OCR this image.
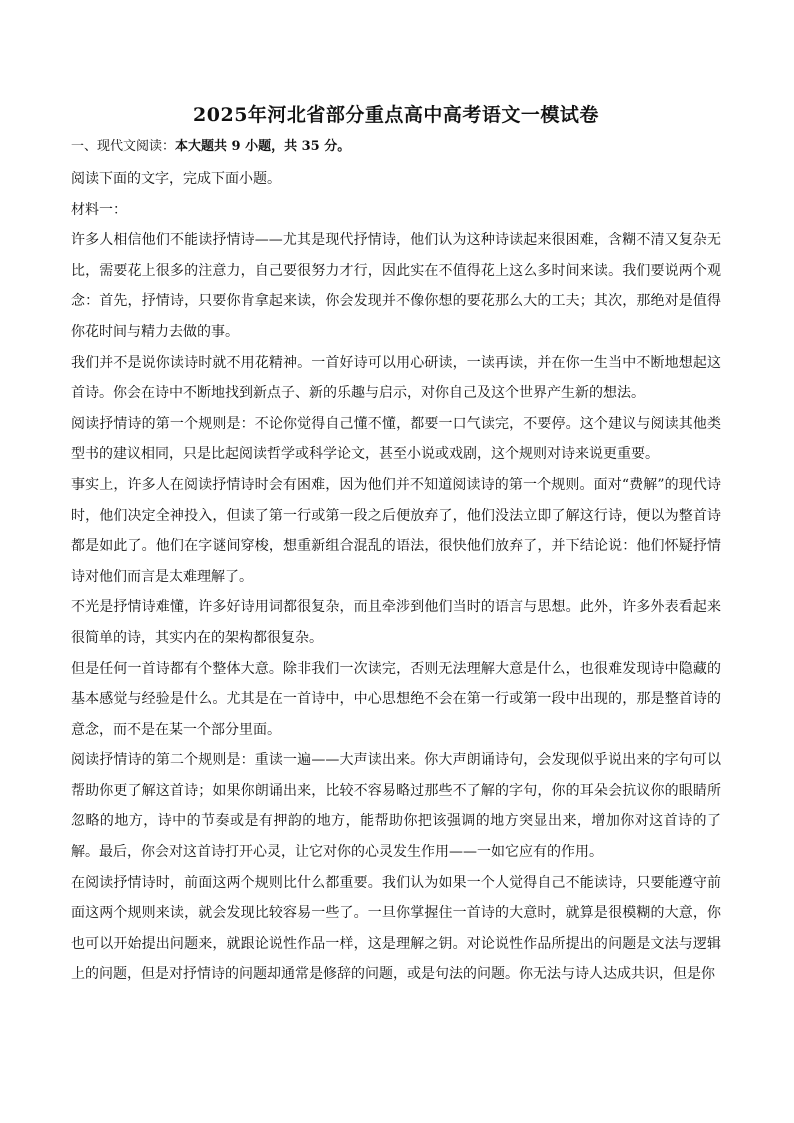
2025年河北省部分重点高中高考语文一模试卷
一、现代文阅读：本大题共 9 小题，共 35 分。

阅读下面的文字，完成下面小题。

材料一：

许多人相信他们不能读抒情诗——尤其是现代抒情诗，他们认为这种诗读起来很困难，含糊不清又复杂无比，需要花上很多的注意力，自己要很努力才行，因此实在不值得花上这么多时间来读。我们要说两个观念：首先，抒情诗，只要你肯拿起来读，你会发现并不像你想的要花那么大的工夫；其次，那绝对是值得你花时间与精力去做的事。

我们并不是说你读诗时就不用花精神。一首好诗可以用心研读，一读再读，并在你一生当中不断地想起这首诗。你会在诗中不断地找到新点子、新的乐趣与启示，对你自己及这个世界产生新的想法。

阅读抒情诗的第一个规则是：不论你觉得自己懂不懂，都要一口气读完，不要停。这个建议与阅读其他类型书的建议相同，只是比起阅读哲学或科学论文，甚至小说或戏剧，这个规则对诗来说更重要。

事实上，许多人在阅读抒情诗时会有困难，因为他们并不知道阅读诗的第一个规则。面对“费解”的现代诗时，他们决定全神投入，但读了第一行或第一段之后便放弃了，他们没法立即了解这行诗，便以为整首诗都是如此了。他们在字谜间穿梭，想重新组合混乱的语法，很快他们放弃了，并下结论说：他们怀疑抒情诗对他们而言是太难理解了。

不光是抒情诗难懂，许多好诗用词都很复杂，而且牵涉到他们当时的语言与思想。此外，许多外表看起来很简单的诗，其实内在的架构都很复杂。

但是任何一首诗都有个整体大意。除非我们一次读完，否则无法理解大意是什么，也很难发现诗中隐藏的基本感觉与经验是什么。尤其是在一首诗中，中心思想绝不会在第一行或第一段中出现的，那是整首诗的意念，而不是在某一个部分里面。

阅读抒情诗的第二个规则是：重读一遍——大声读出来。你大声朗诵诗句，会发现似乎说出来的字句可以帮助你更了解这首诗；如果你朗诵出来，比较不容易略过那些不了解的字句，你的耳朵会抗议你的眼睛所忽略的地方，诗中的节奏或是有押韵的地方，能帮助你把该强调的地方突显出来，增加你对这首诗的了解。最后，你会对这首诗打开心灵，让它对你的心灵发生作用——一如它应有的作用。

在阅读抒情诗时，前面这两个规则比什么都重要。我们认为如果一个人觉得自己不能读诗，只要能遵守前面这两个规则来读，就会发现比较容易一些了。一旦你掌握住一首诗的大意时，就算是很模糊的大意，你也可以开始提出问题来，就跟论说性作品一样，这是理解之钥。对论说性作品所提出的问题是文法与逻辑上的问题，但是对抒情诗的问题却通常是修辞的问题，或是句法的问题。你无法与诗人达成共识，但是你
